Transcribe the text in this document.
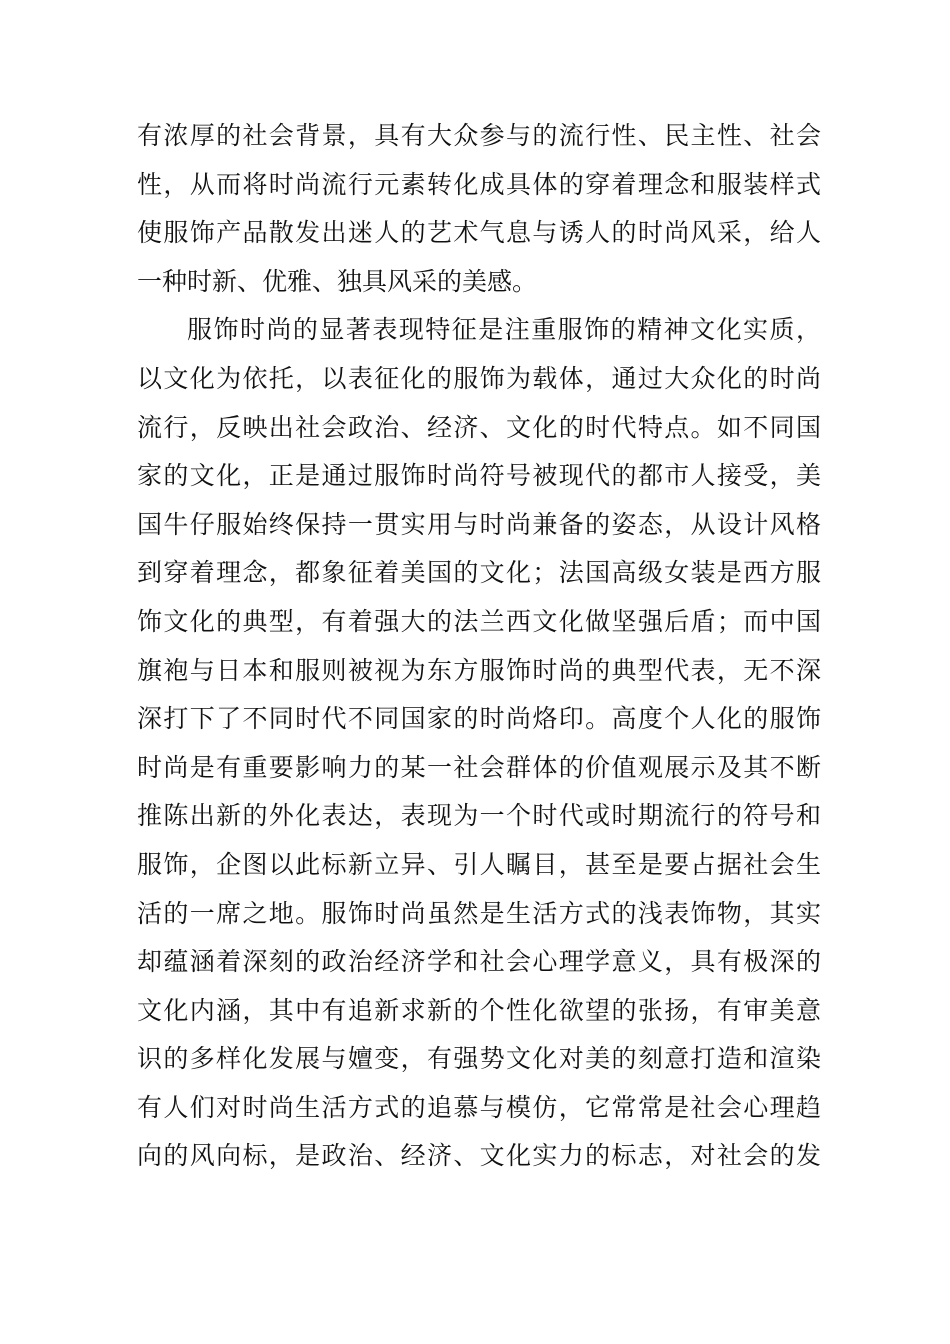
有浓厚的社会背景，具有大众参与的流行性、民主性、社会
性，从而将时尚流行元素转化成具体的穿着理念和服装样式
使服饰产品散发出迷人的艺术气息与诱人的时尚风采，给人
一种时新、优雅、独具风采的美感。
服饰时尚的显著表现特征是注重服饰的精神文化实质，
以文化为依托，以表征化的服饰为载体，通过大众化的时尚
流行，反映出社会政治、经济、文化的时代特点。如不同国
家的文化，正是通过服饰时尚符号被现代的都市人接受，美
国牛仔服始终保持一贯实用与时尚兼备的姿态，从设计风格
到穿着理念，都象征着美国的文化；法国高级女装是西方服
饰文化的典型，有着强大的法兰西文化做坚强后盾；而中国
旗袍与日本和服则被视为东方服饰时尚的典型代表，无不深
深打下了不同时代不同国家的时尚烙印。高度个人化的服饰
时尚是有重要影响力的某一社会群体的价值观展示及其不断
推陈出新的外化表达，表现为一个时代或时期流行的符号和
服饰，企图以此标新立异、引人瞩目，甚至是要占据社会生
活的一席之地。服饰时尚虽然是生活方式的浅表饰物，其实
却蕴涵着深刻的政治经济学和社会心理学意义，具有极深的
文化内涵，其中有追新求新的个性化欲望的张扬，有审美意
识的多样化发展与嬗变，有强势文化对美的刻意打造和渲染
有人们对时尚生活方式的追慕与模仿，它常常是社会心理趋
向的风向标，是政治、经济、文化实力的标志，对社会的发
